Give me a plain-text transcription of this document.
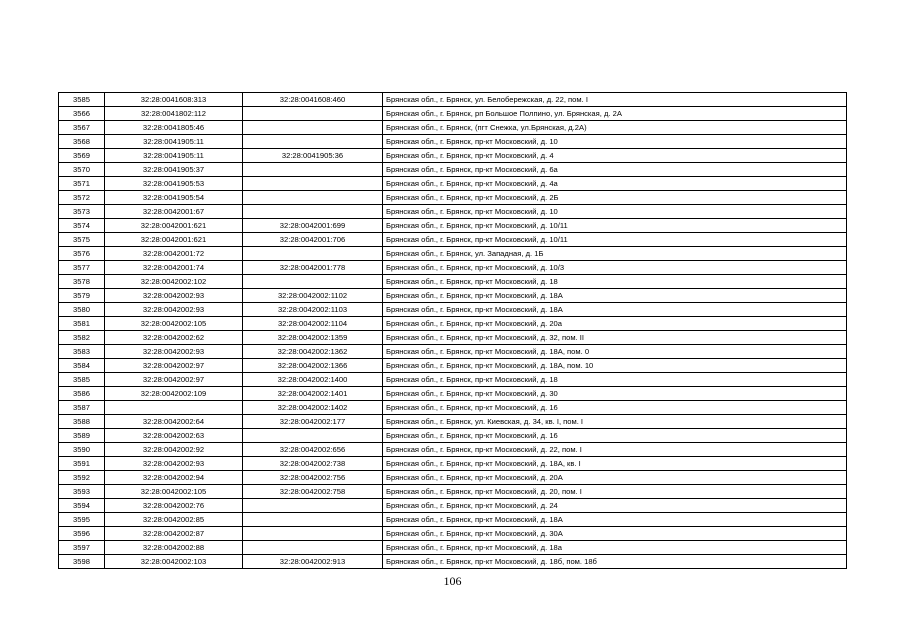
3585	32:28:0041608:313	32:28:0041608:460	Брянская обл., г. Брянск, ул. Белобережская, д. 22, пом. I
3566	32:28:0041802:112		Брянская обл., г. Брянск, рп Большое Полпино, ул. Брянская, д. 2А
3567	32:28:0041805:46		Брянская обл., г. Брянск, (пгт Снежка, ул.Брянская, д.2А)
3568	32:28:0041905:11		Брянская обл., г. Брянск, пр-кт Московский, д. 10
3569	32:28:0041905:11	32:28:0041905:36	Брянская обл., г. Брянск, пр-кт Московский, д. 4
3570	32:28:0041905:37		Брянская обл., г. Брянск, пр-кт Московский, д. 6а
3571	32:28:0041905:53		Брянская обл., г. Брянск, пр-кт Московский, д. 4а
3572	32:28:0041905:54		Брянская обл., г. Брянск, пр-кт Московский, д. 2Б
3573	32:28:0042001:67		Брянская обл., г. Брянск, пр-кт Московский, д. 10
3574	32:28:0042001:621	32:28:0042001:699	Брянская обл., г. Брянск, пр-кт Московский, д. 10/11
3575	32:28:0042001:621	32:28:0042001:706	Брянская обл., г. Брянск, пр-кт Московский, д. 10/11
3576	32:28:0042001:72		Брянская обл., г. Брянск, ул. Западная, д. 1Б
3577	32:28:0042001:74	32:28:0042001:778	Брянская обл., г. Брянск, пр-кт Московский, д. 10/3
3578	32:28:0042002:102		Брянская обл., г. Брянск, пр-кт Московский, д. 18
3579	32:28:0042002:93	32:28:0042002:1102	Брянская обл., г. Брянск, пр-кт Московский, д. 18А
3580	32:28:0042002:93	32:28:0042002:1103	Брянская обл., г. Брянск, пр-кт Московский, д. 18А
3581	32:28:0042002:105	32:28:0042002:1104	Брянская обл., г. Брянск, пр-кт Московский, д. 20а
3582	32:28:0042002:62	32:28:0042002:1359	Брянская обл., г. Брянск, пр-кт Московский, д. 32, пом. II
3583	32:28:0042002:93	32:28:0042002:1362	Брянская обл., г. Брянск, пр-кт Московский, д. 18А, пом. 0
3584	32:28:0042002:97	32:28:0042002:1366	Брянская обл., г. Брянск, пр-кт Московский, д. 18А, пом. 10
3585	32:28:0042002:97	32:28:0042002:1400	Брянская обл., г. Брянск, пр-кт Московский, д. 18
3586	32:28:0042002:109	32:28:0042002:1401	Брянская обл., г. Брянск, пр-кт Московский, д. 30
3587		32:28:0042002:1402	Брянская обл., г. Брянск, пр-кт Московский, д. 16
3588	32:28:0042002:64	32:28:0042002:177	Брянская обл., г. Брянск, ул. Киевская, д. 34, кв. I, пом. I
3589	32:28:0042002:63		Брянская обл., г. Брянск, пр-кт Московский, д. 16
3590	32:28:0042002:92	32:28:0042002:656	Брянская обл., г. Брянск, пр-кт Московский, д. 22, пом. I
3591	32:28:0042002:93	32:28:0042002:738	Брянская обл., г. Брянск, пр-кт Московский, д. 18А, кв. I
3592	32:28:0042002:94	32:28:0042002:756	Брянская обл., г. Брянск, пр-кт Московский, д. 20А
3593	32:28:0042002:105	32:28:0042002:758	Брянская обл., г. Брянск, пр-кт Московский, д. 20, пом. I
3594	32:28:0042002:76		Брянская обл., г. Брянск, пр-кт Московский, д. 24
3595	32:28:0042002:85		Брянская обл., г. Брянск, пр-кт Московский, д. 18А
3596	32:28:0042002:87		Брянская обл., г. Брянск, пр-кт Московский, д. 30А
3597	32:28:0042002:88		Брянская обл., г. Брянск, пр-кт Московский, д. 18а
3598	32:28:0042002:103	32:28:0042002:913	Брянская обл., г. Брянск, пр-кт Московский, д. 18б, пом. 18б
106
